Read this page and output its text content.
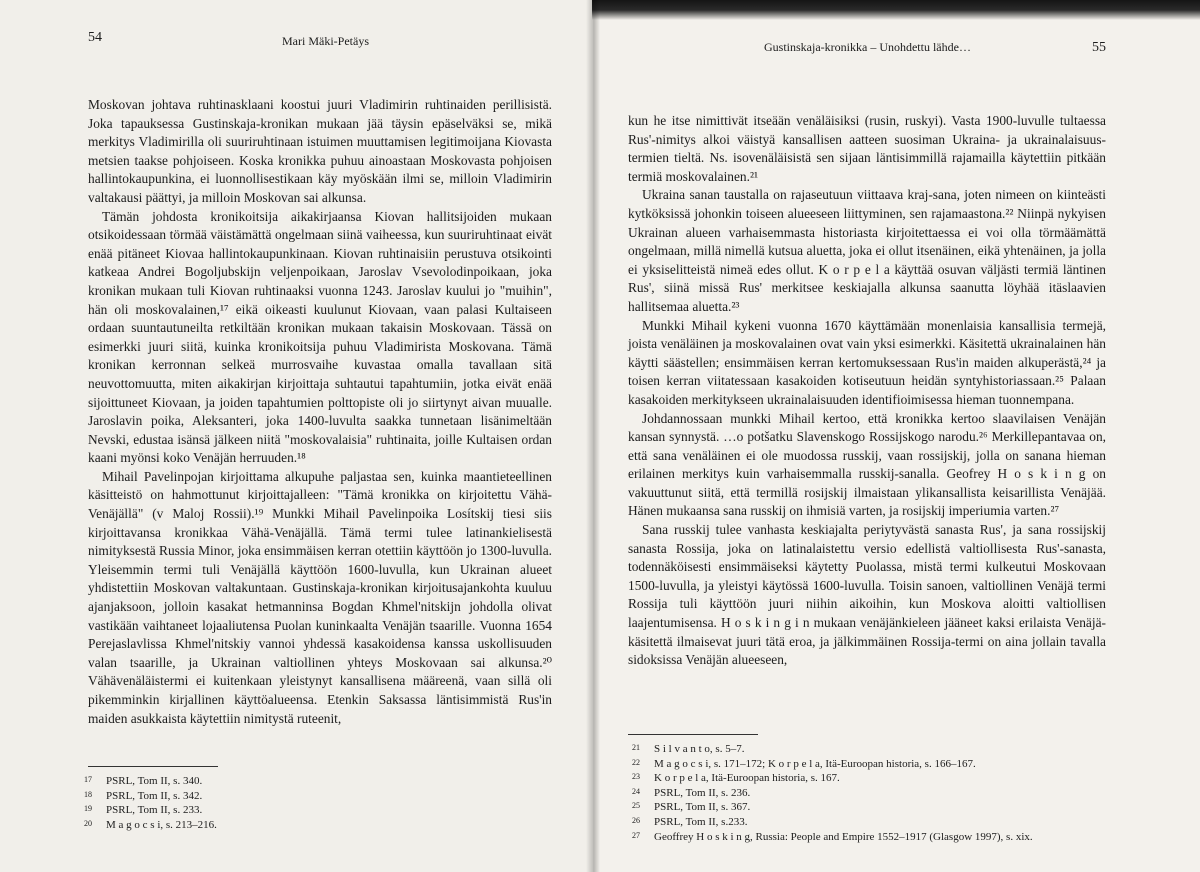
54	Mari Mäki-Petäys

Moskovan johtava ruhtinasklaani koostui juuri Vladimirin ruhtinaiden perillisistä. Joka tapauksessa Gustinskaja-kronikan mukaan jää täysin epäselväksi se, mikä merkitys Vladimirilla oli suuriruhtinaan istuimen muuttamisen legitimoijana Kiovasta metsien taakse pohjoiseen. Koska kronikka puhuu ainoastaan Moskovasta pohjoisen hallintokaupunkina, ei luonnollisestikaan käy myöskään ilmi se, milloin Vladimirin valtakausi päättyi, ja milloin Moskovan sai alkunsa.

Tämän johdosta kronikoitsija aikakirjaansa Kiovan hallitsijoiden mukaan otsikoidessaan törmää väistämättä ongelmaan siinä vaiheessa, kun suuriruhtinaat eivät enää pitäneet Kiovaa hallintokaupunkinaan. Kiovan ruhtinaisiin perustuva otsikointi katkeaa Andrei Bogoljubskijn veljenpoikaan, Jaroslav Vsevolodinpoikaan, joka kronikan mukaan tuli Kiovan ruhtinaaksi vuonna 1243. Jaroslav kuului jo "muihin", hän oli moskovalainen,¹⁷ eikä oikeasti kuulunut Kiovaan, vaan palasi Kultaiseen ordaan suuntautuneilta retkiltään kronikan mukaan takaisin Moskovaan. Tässä on esimerkki juuri siitä, kuinka kronikoitsija puhuu Vladimirista Moskovana. Tämä kronikan kerronnan selkeä murrosvaihe kuvastaa omalla tavallaan sitä neuvottomuutta, miten aikakirjan kirjoittaja suhtautui tapahtumiin, jotka eivät enää sijoittuneet Kiovaan, ja joiden tapahtumien polttopiste oli jo siirtynyt aivan muualle. Jaroslavin poika, Aleksanteri, joka 1400-luvulta saakka tunnetaan lisänimeltään Nevski, edustaa isänsä jälkeen niitä "moskovalaisia" ruhtinaita, joille Kultaisen ordan kaani myönsi koko Venäjän herruuden.¹⁸

Mihail Pavelinpojan kirjoittama alkupuhe paljastaa sen, kuinka maantieteellinen käsitteistö on hahmottunut kirjoittajalleen: "Tämä kronikka on kirjoitettu Vähä-Venäjällä" (v Maloj Rossii).¹⁹ Munkki Mihail Pavelinpoika Losítskij tiesi siis kirjoittavansa kronikkaa Vähä-Venäjällä. Tämä termi tulee latinankielisestä nimityksestä Russia Minor, joka ensimmäisen kerran otettiin käyttöön jo 1300-luvulla. Yleisemmin termi tuli Venäjällä käyttöön 1600-luvulla, kun Ukrainan alueet yhdistettiin Moskovan valtakuntaan. Gustinskaja-kronikan kirjoitusajankohta kuuluu ajanjaksoon, jolloin kasakat hetmanninsa Bogdan Khmel'nitskijn johdolla olivat vastikään vaihtaneet lojaaliutensa Puolan kuninkaalta Venäjän tsaarille. Vuonna 1654 Perejaslavlissa Khmel'nitskiy vannoi yhdessä kasakoidensa kanssa uskollisuuden valan tsaarille, ja Ukrainan valtiollinen yhteys Moskovaan sai alkunsa.²⁰ Vähävenäläistermi ei kuitenkaan yleistynyt kansallisena määreenä, vaan sillä oli pikemminkin kirjallinen käyttöalueensa. Etenkin Saksassa läntisimmistä Rus'in maiden asukkaista käytettiin nimitystä ruteenit,

17	PSRL, Tom II, s. 340.
18	PSRL, Tom II, s. 342.
19	PSRL, Tom II, s. 233.
20	M a g o c s i, s. 213–216.
Gustinskaja-kronikka – Unohdettu lähde…	55

kun he itse nimittivät itseään venäläisiksi (rusin, ruskyi). Vasta 1900-luvulle tultaessa Rus'-nimitys alkoi väistyä kansallisen aatteen suosiman Ukraina- ja ukrainalaisuus-termien tieltä. Ns. isovenäläisistä sen sijaan läntisimmillä rajamailla käytettiin pitkään termiä moskovalainen.²¹

Ukraina sanan taustalla on rajaseutuun viittaava kraj-sana, joten nimeen on kiinteästi kytköksissä johonkin toiseen alueeseen liittyminen, sen rajamaastona.²² Niinpä nykyisen Ukrainan alueen varhaisemmasta historiasta kirjoitettaessa ei voi olla törmäämättä ongelmaan, millä nimellä kutsua aluetta, joka ei ollut itsenäinen, eikä yhtenäinen, ja jolla ei yksiselitteistä nimeä edes ollut. K o r p e l a käyttää osuvan väljästi termiä läntinen Rus', siinä missä Rus' merkitsee keskiajalla alkunsa saanutta löyhää itäslaavien hallitsemaa aluetta.²³

Munkki Mihail kykeni vuonna 1670 käyttämään monenlaisia kansallisia termejä, joista venäläinen ja moskovalainen ovat vain yksi esimerkki. Käsitettä ukrainalainen hän käytti säästellen; ensimmäisen kerran kertomuksessaan Rus'in maiden alkuperästä,²⁴ ja toisen kerran viitatessaan kasakoiden kotiseutuun heidän syntyhistoriassaan.²⁵ Palaan kasakoiden merkitykseen ukrainalaisuuden identifioimisessa hieman tuonnempana.

Johdannossaan munkki Mihail kertoo, että kronikka kertoo slaavilaisen Venäjän kansan synnystä. …o potšatku Slavenskogo Rossijskogo narodu.²⁶ Merkillepantavaa on, että sana venäläinen ei ole muodossa russkij, vaan rossijskij, jolla on sanana hieman erilainen merkitys kuin varhaisemmalla russkij-sanalla. Geofrey H o s k i n g on vakuuttunut siitä, että termillä rosijskij ilmaistaan ylikansallista keisarillista Venäjää. Hänen mukaansa sana russkij on ihmisiä varten, ja rosijskij imperiumia varten.²⁷

Sana russkij tulee vanhasta keskiajalta periytyvästä sanasta Rus', ja sana rossijskij sanasta Rossija, joka on latinalaistettu versio edellistä valtiollisesta Rus'-sanasta, todennäköisesti ensimmäiseksi käytetty Puolassa, mistä termi kulkeutui Moskovaan 1500-luvulla, ja yleistyi käytössä 1600-luvulla. Toisin sanoen, valtiollinen Venäjä termi Rossija tuli käyttöön juuri niihin aikoihin, kun Moskova aloitti valtiollisen laajentumisensa. H o s k i n g i n mukaan venäjänkieleen jääneet kaksi erilaista Venäjä-käsitettä ilmaisevat juuri tätä eroa, ja jälkimmäinen Rossija-termi on aina jollain tavalla sidoksissa Venäjän alueeseen,

21	S i l v a n t o, s. 5–7.
22	M a g o c s i, s. 171–172; K o r p e l a, Itä-Euroopan historia, s. 166–167.
23	K o r p e l a, Itä-Euroopan historia, s. 167.
24	PSRL, Tom II, s. 236.
25	PSRL, Tom II, s. 367.
26	PSRL, Tom II, s.233.
27	Geoffrey H o s k i n g, Russia: People and Empire 1552–1917 (Glasgow 1997), s. xix.
